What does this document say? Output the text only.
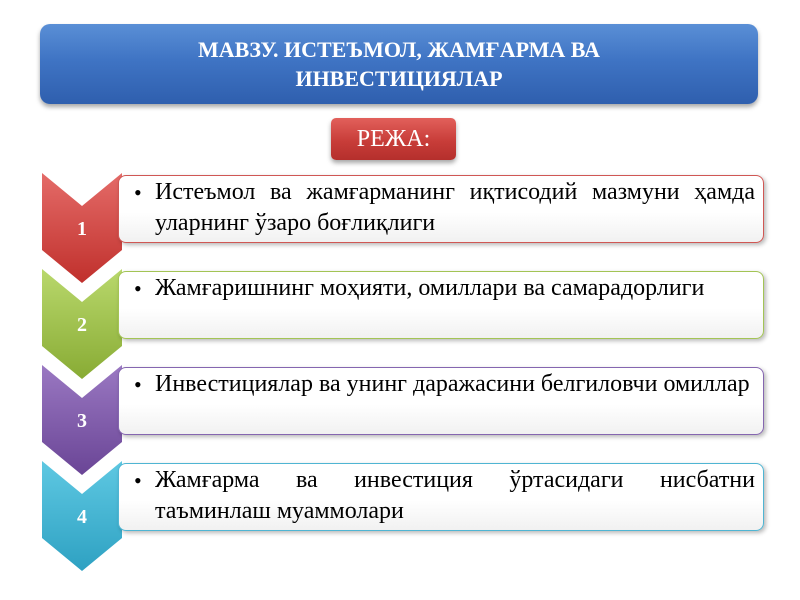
МАВЗУ. ИСТЕЪМОЛ, ЖАМҒАРМА ВА ИНВЕСТИЦИЯЛАР
РЕЖА:
1
• Истеъмол ва жамғарманинг иқтисодий мазмуни ҳамда уларнинг ўзаро боғлиқлиги
2
• Жамғаришнинг моҳияти, омиллари ва самарадорлиги
3
• Инвестициялар ва унинг даражасини белгиловчи омиллар
4
• Жамғарма ва инвестиция ўртасидаги нисбатни таъминлаш муаммолари
